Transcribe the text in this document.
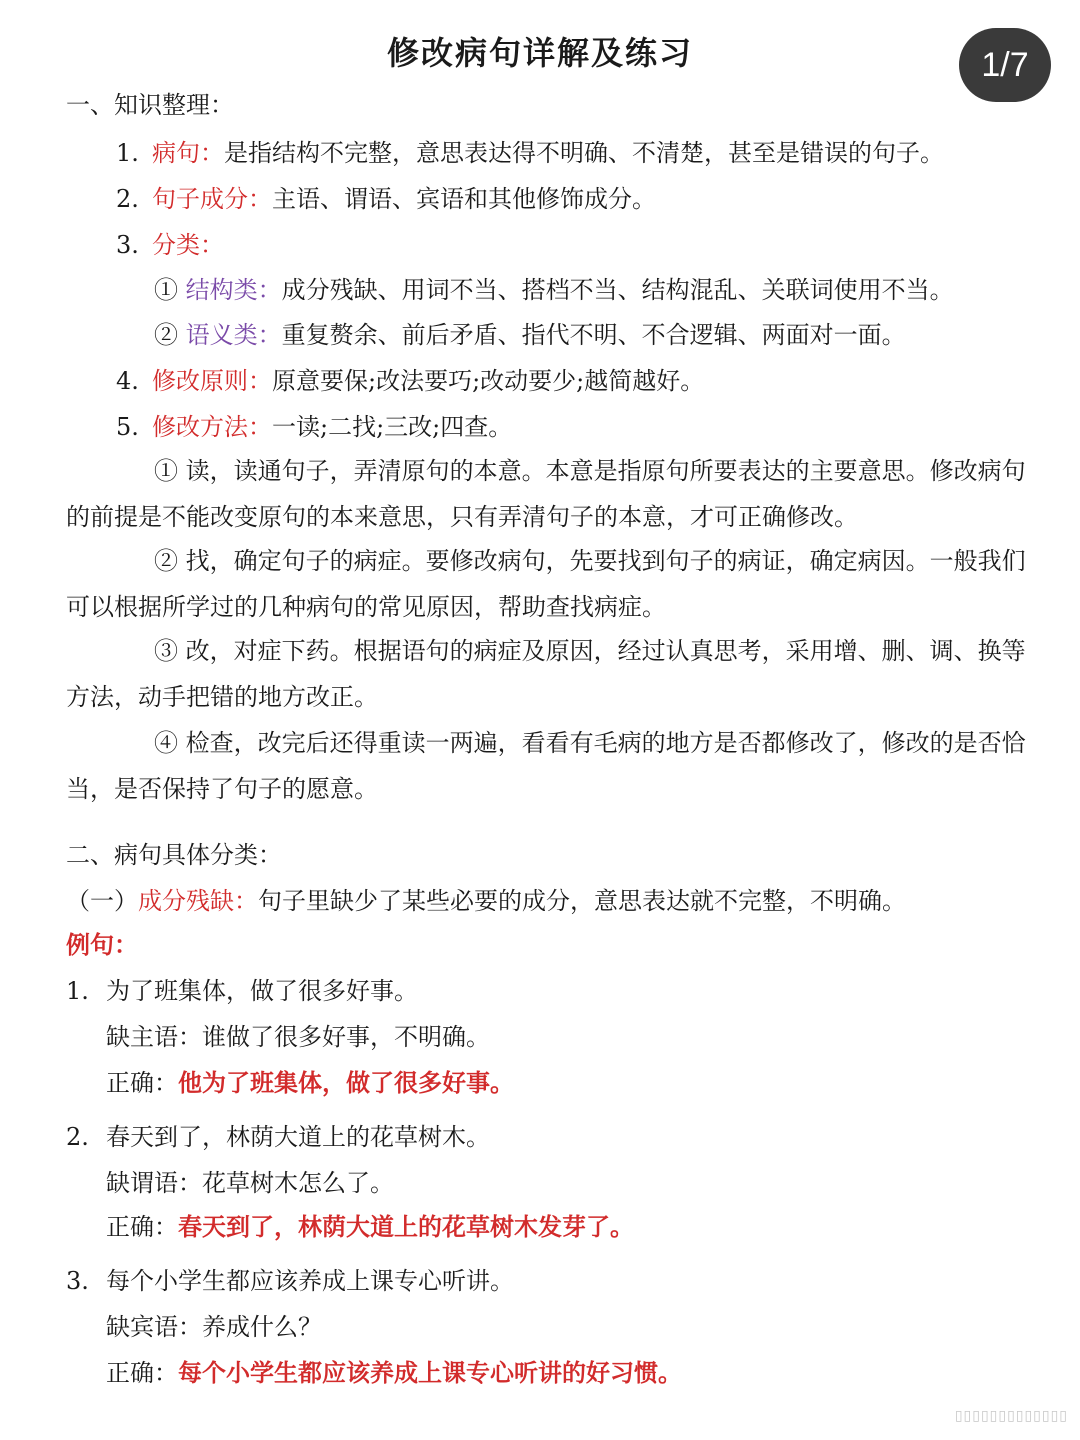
修改病句详解及练习	1/7
一、知识整理：
1. 病句：是指结构不完整，意思表达得不明确、不清楚，甚至是错误的句子。
2. 句子成分：主语、谓语、宾语和其他修饰成分。
3. 分类：
① 结构类：成分残缺、用词不当、搭档不当、结构混乱、关联词使用不当。
② 语义类：重复赘余、前后矛盾、指代不明、不合逻辑、两面对一面。
4. 修改原则：原意要保;改法要巧;改动要少;越简越好。
5. 修改方法：一读;二找;三改;四查。
① 读，读通句子，弄清原句的本意。本意是指原句所要表达的主要意思。修改病句的前提是不能改变原句的本来意思，只有弄清句子的本意，才可正确修改。
② 找，确定句子的病症。要修改病句，先要找到句子的病证，确定病因。一般我们可以根据所学过的几种病句的常见原因，帮助查找病症。
③ 改，对症下药。根据语句的病症及原因，经过认真思考，采用增、删、调、换等方法，动手把错的地方改正。
④ 检查，改完后还得重读一两遍，看看有毛病的地方是否都修改了，修改的是否恰当，是否保持了句子的愿意。
二、病句具体分类：
（一）成分残缺：句子里缺少了某些必要的成分，意思表达就不完整，不明确。
例句：
1. 为了班集体，做了很多好事。
缺主语：谁做了很多好事，不明确。
正确：他为了班集体，做了很多好事。
2. 春天到了，林荫大道上的花草树木。
缺谓语：花草树木怎么了。
正确：春天到了，林荫大道上的花草树木发芽了。
3. 每个小学生都应该养成上课专心听讲。
缺宾语：养成什么？
正确：每个小学生都应该养成上课专心听讲的好习惯。
▯▯▯▯▯▯▯▯▯▯▯▯▯
